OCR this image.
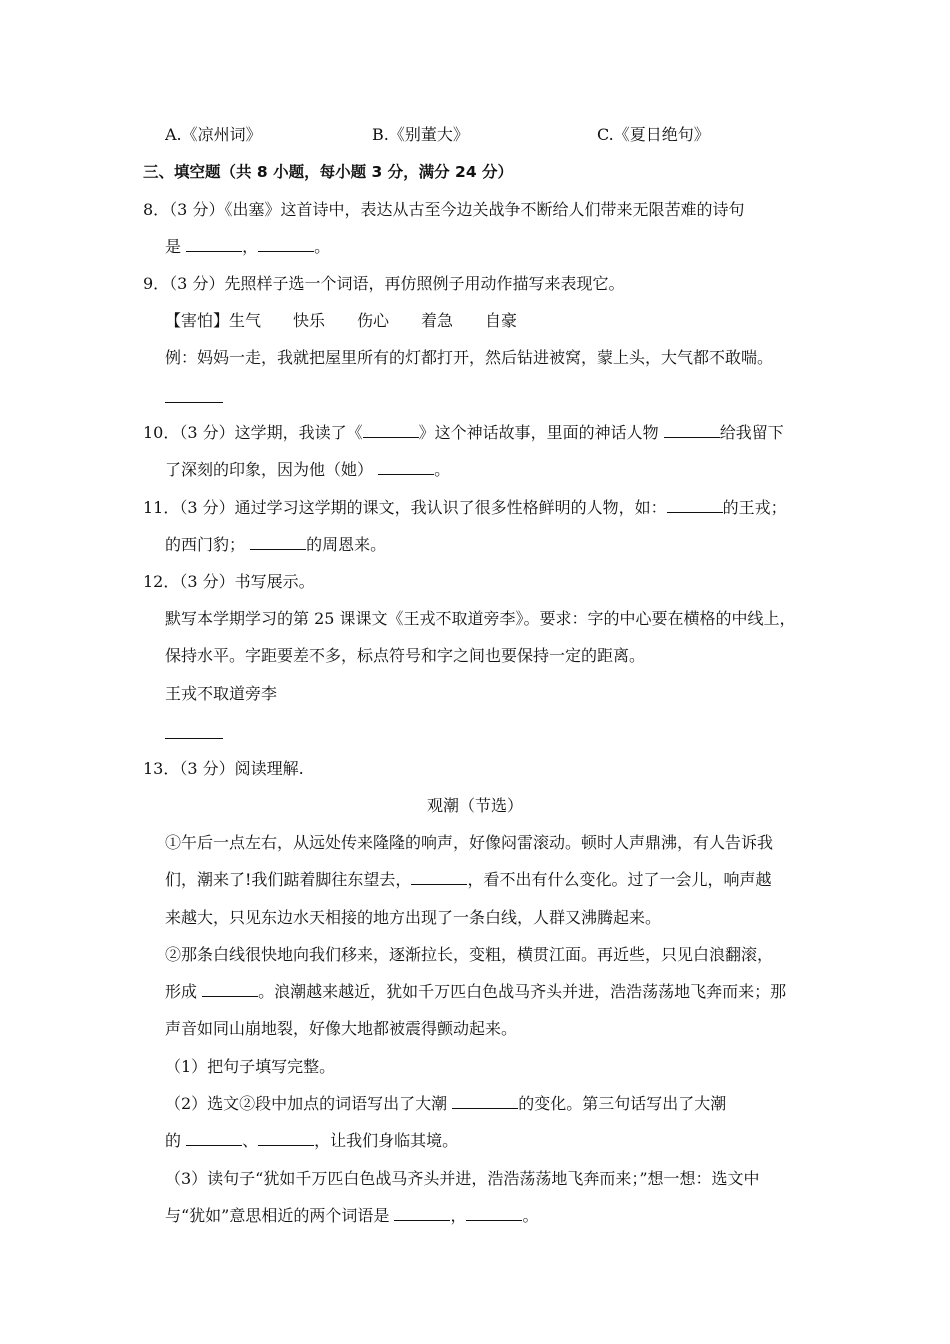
A.《凉州词》	B.《别董大》	C.《夏日绝句》
三、填空题（共 8 小题，每小题 3 分，满分 24 分）
8．（3 分）《出塞》这首诗中，表达从古至今边关战争不断给人们带来无限苦难的诗句
是	，	。
9．（3 分）先照样子选一个词语，再仿照例子用动作描写来表现它。
【害怕】生气　　快乐　　伤心　　着急　　自豪
例：妈妈一走，我就把屋里所有的灯都打开，然后钻进被窝，蒙上头，大气都不敢喘。
10．（3 分）这学期，我读了《	》这个神话故事，里面的神话人物	给我留下
了深刻的印象，因为他（她）	。
11．（3 分）通过学习这学期的课文，我认识了很多性格鲜明的人物，如：	的王戎；
的西门豹；	的周恩来。
12．（3 分）书写展示。
默写本学期学习的第 25 课课文《王戎不取道旁李》。要求：字的中心要在横格的中线上，
保持水平。字距要差不多，标点符号和字之间也要保持一定的距离。
王戎不取道旁李
13．（3 分）阅读理解.
观潮（节选）
①午后一点左右，从远处传来隆隆的响声，好像闷雷滚动。顿时人声鼎沸，有人告诉我
们，潮来了!我们踮着脚往东望去，	，看不出有什么变化。过了一会儿，响声越
来越大，只见东边水天相接的地方出现了一条白线，人群又沸腾起来。
②那条白线很快地向我们移来，逐渐拉长，变粗，横贯江面。再近些，只见白浪翻滚，
形成	。浪潮越来越近，犹如千万匹白色战马齐头并进，浩浩荡荡地飞奔而来；那
声音如同山崩地裂，好像大地都被震得颤动起来。
（1）把句子填写完整。
（2）选文②段中加点的词语写出了大潮	的变化。第三句话写出了大潮
的	、	，让我们身临其境。
（3）读句子“犹如千万匹白色战马齐头并进，浩浩荡荡地飞奔而来；”想一想：选文中
与“犹如”意思相近的两个词语是	，	。
